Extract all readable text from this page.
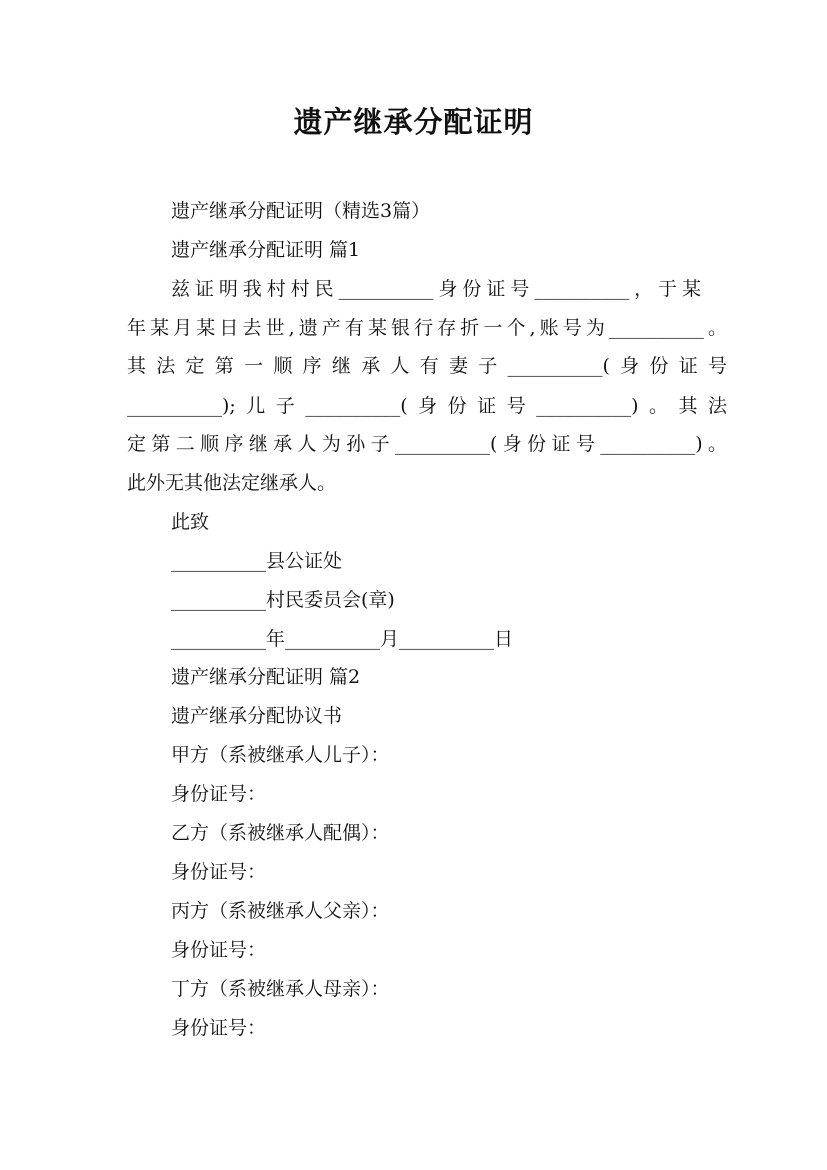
遗产继承分配证明
遗产继承分配证明（精选3篇）
遗产继承分配证明 篇1
兹证明我村村民__________身份证号__________，于某
年某月某日去世,遗产有某银行存折一个,账号为__________。
其法定第一顺序继承人有妻子__________(身份证号
__________);儿子__________(身份证号__________)。其法
定第二顺序继承人为孙子__________(身份证号__________)。
此外无其他法定继承人。
此致
__________县公证处
__________村民委员会(章)
__________年__________月__________日
遗产继承分配证明 篇2
遗产继承分配协议书
甲方（系被继承人儿子）：
身份证号：
乙方（系被继承人配偶）：
身份证号：
丙方（系被继承人父亲）：
身份证号：
丁方（系被继承人母亲）：
身份证号：
